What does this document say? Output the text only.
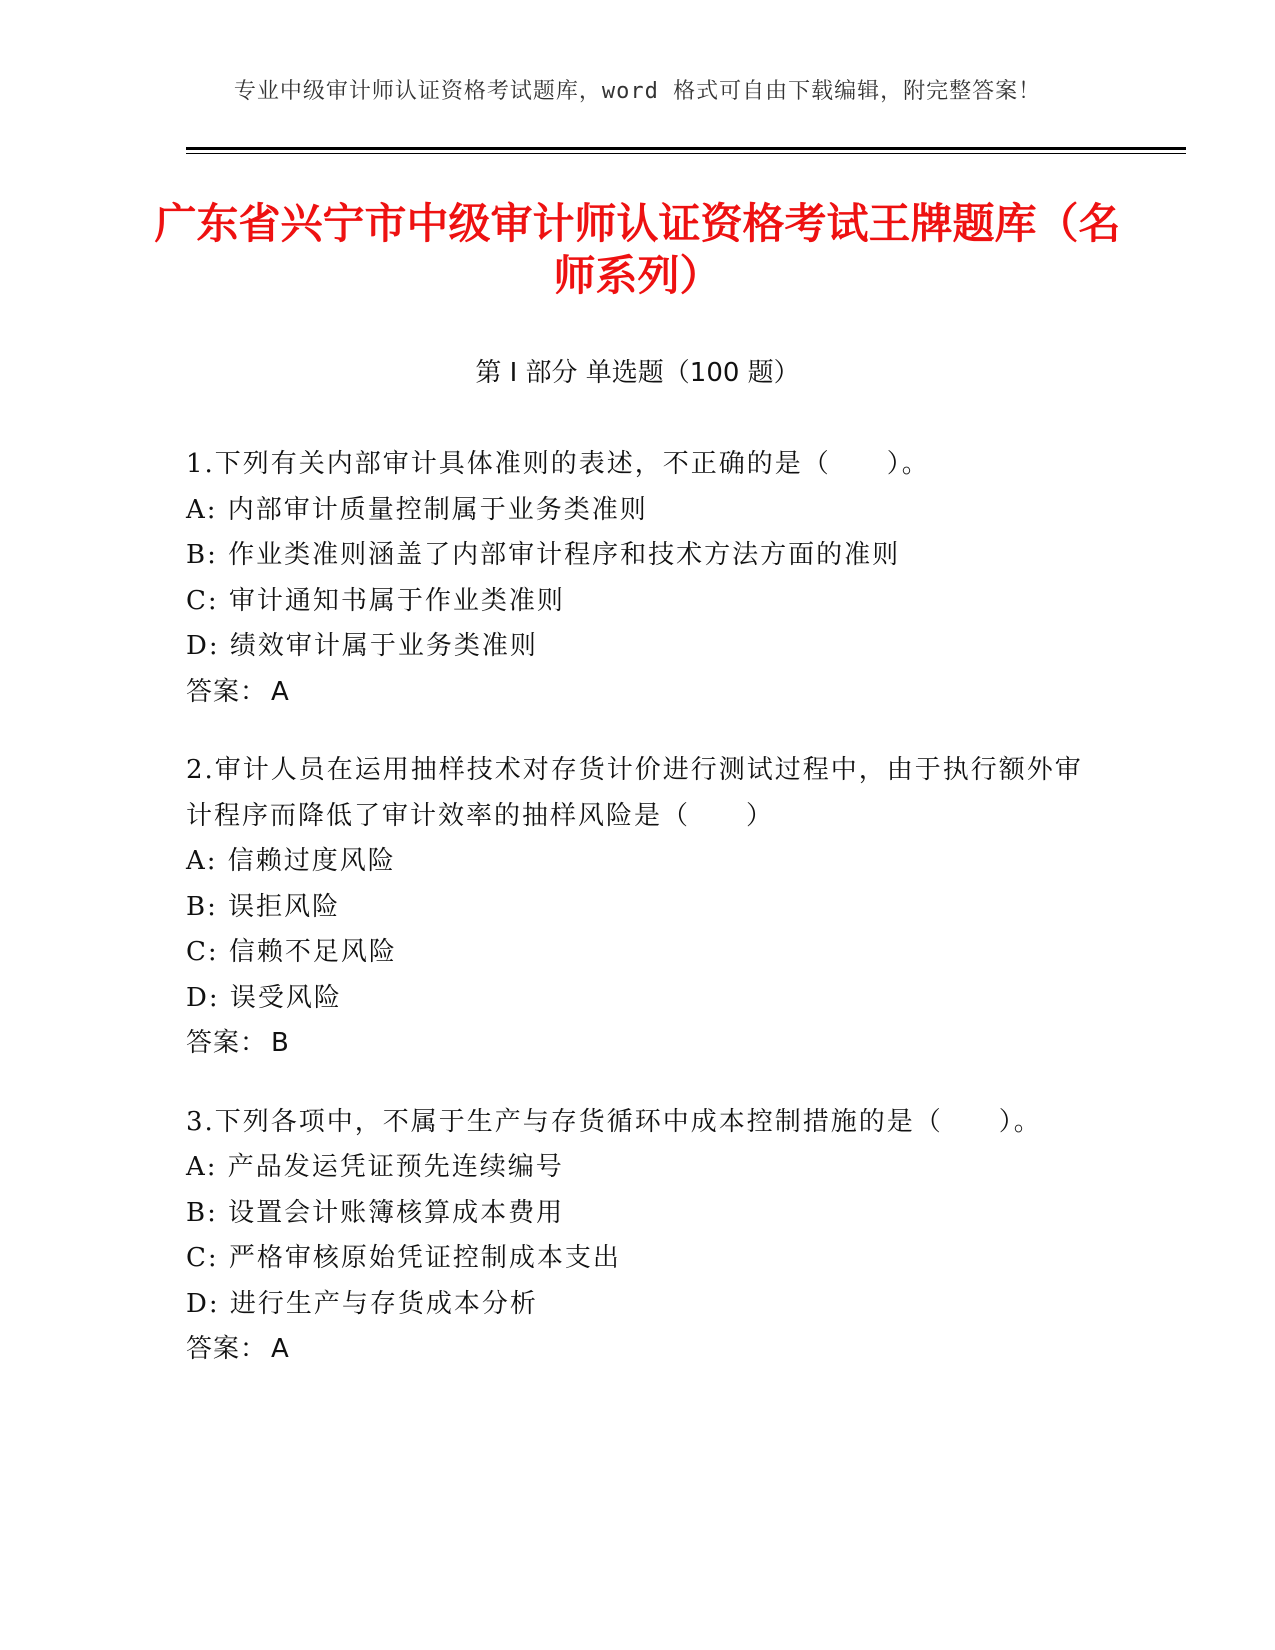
专业中级审计师认证资格考试题库，word 格式可自由下载编辑，附完整答案！
广东省兴宁市中级审计师认证资格考试王牌题库（名师系列）
第 I 部分 单选题（100 题）

1.下列有关内部审计具体准则的表述，不正确的是（　　）。

A: 内部审计质量控制属于业务类准则

B: 作业类准则涵盖了内部审计程序和技术方法方面的准则

C: 审计通知书属于作业类准则

D: 绩效审计属于业务类准则

答案： A

2.审计人员在运用抽样技术对存货计价进行测试过程中，由于执行额外审计程序而降低了审计效率的抽样风险是（　　）

A: 信赖过度风险

B: 误拒风险

C: 信赖不足风险

D: 误受风险

答案： B

3.下列各项中，不属于生产与存货循环中成本控制措施的是（　　）。

A: 产品发运凭证预先连续编号

B: 设置会计账簿核算成本费用

C: 严格审核原始凭证控制成本支出

D: 进行生产与存货成本分析

答案： A
